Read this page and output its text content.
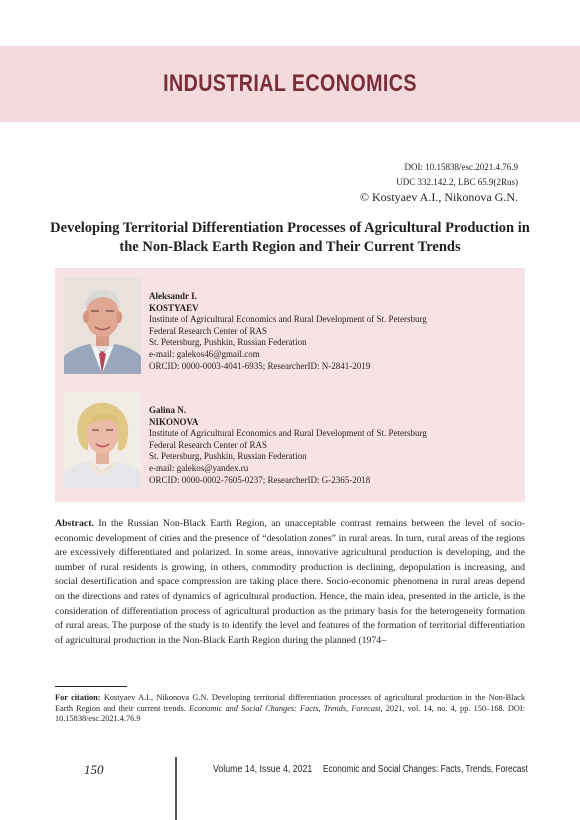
INDUSTRIAL ECONOMICS
DOI: 10.15838/esc.2021.4.76.9
UDC 332.142.2, LBC 65.9(2Rus)
© Kostyaev A.I., Nikonova G.N.
Developing Territorial Differentiation Processes of Agricultural Production in the Non-Black Earth Region and Their Current Trends
Aleksandr I.
KOSTYAEV
Institute of Agricultural Economics and Rural Development of St. Petersburg
Federal Research Center of RAS
St. Petersburg, Pushkin, Russian Federation
e-mail: galekos46@gmail.com
ORCID: 0000-0003-4041-6935; ResearcherID: N-2841-2019
Galina N.
NIKONOVA
Institute of Agricultural Economics and Rural Development of St. Petersburg
Federal Research Center of RAS
St. Petersburg, Pushkin, Russian Federation
e-mail: galekos@yandex.ru
ORCID: 0000-0002-7605-0237; ResearcherID: G-2365-2018
Abstract. In the Russian Non-Black Earth Region, an unacceptable contrast remains between the level of socio-economic development of cities and the presence of “desolation zones” in rural areas. In turn, rural areas of the regions are excessively differentiated and polarized. In some areas, innovative agricultural production is developing, and the number of rural residents is growing, in others, commodity production is declining, depopulation is increasing, and social desertification and space compression are taking place there. Socio-economic phenomena in rural areas depend on the directions and rates of dynamics of agricultural production. Hence, the main idea, presented in the article, is the consideration of differentiation process of agricultural production as the primary basis for the heterogeneity formation of rural areas. The purpose of the study is to identify the level and features of the formation of territorial differentiation of agricultural production in the Non-Black Earth Region during the planned (1974–
For citation: Kostyaev A.I., Nikonova G.N. Developing territorial differentiation processes of agricultural production in the Non-Black Earth Region and their current trends. Economic and Social Changes: Facts, Trends, Forecast, 2021, vol. 14, no. 4, pp. 150–168. DOI: 10.15838/esc.2021.4.76.9
150	Volume 14, Issue 4, 2021 Economic and Social Changes: Facts, Trends, Forecast
